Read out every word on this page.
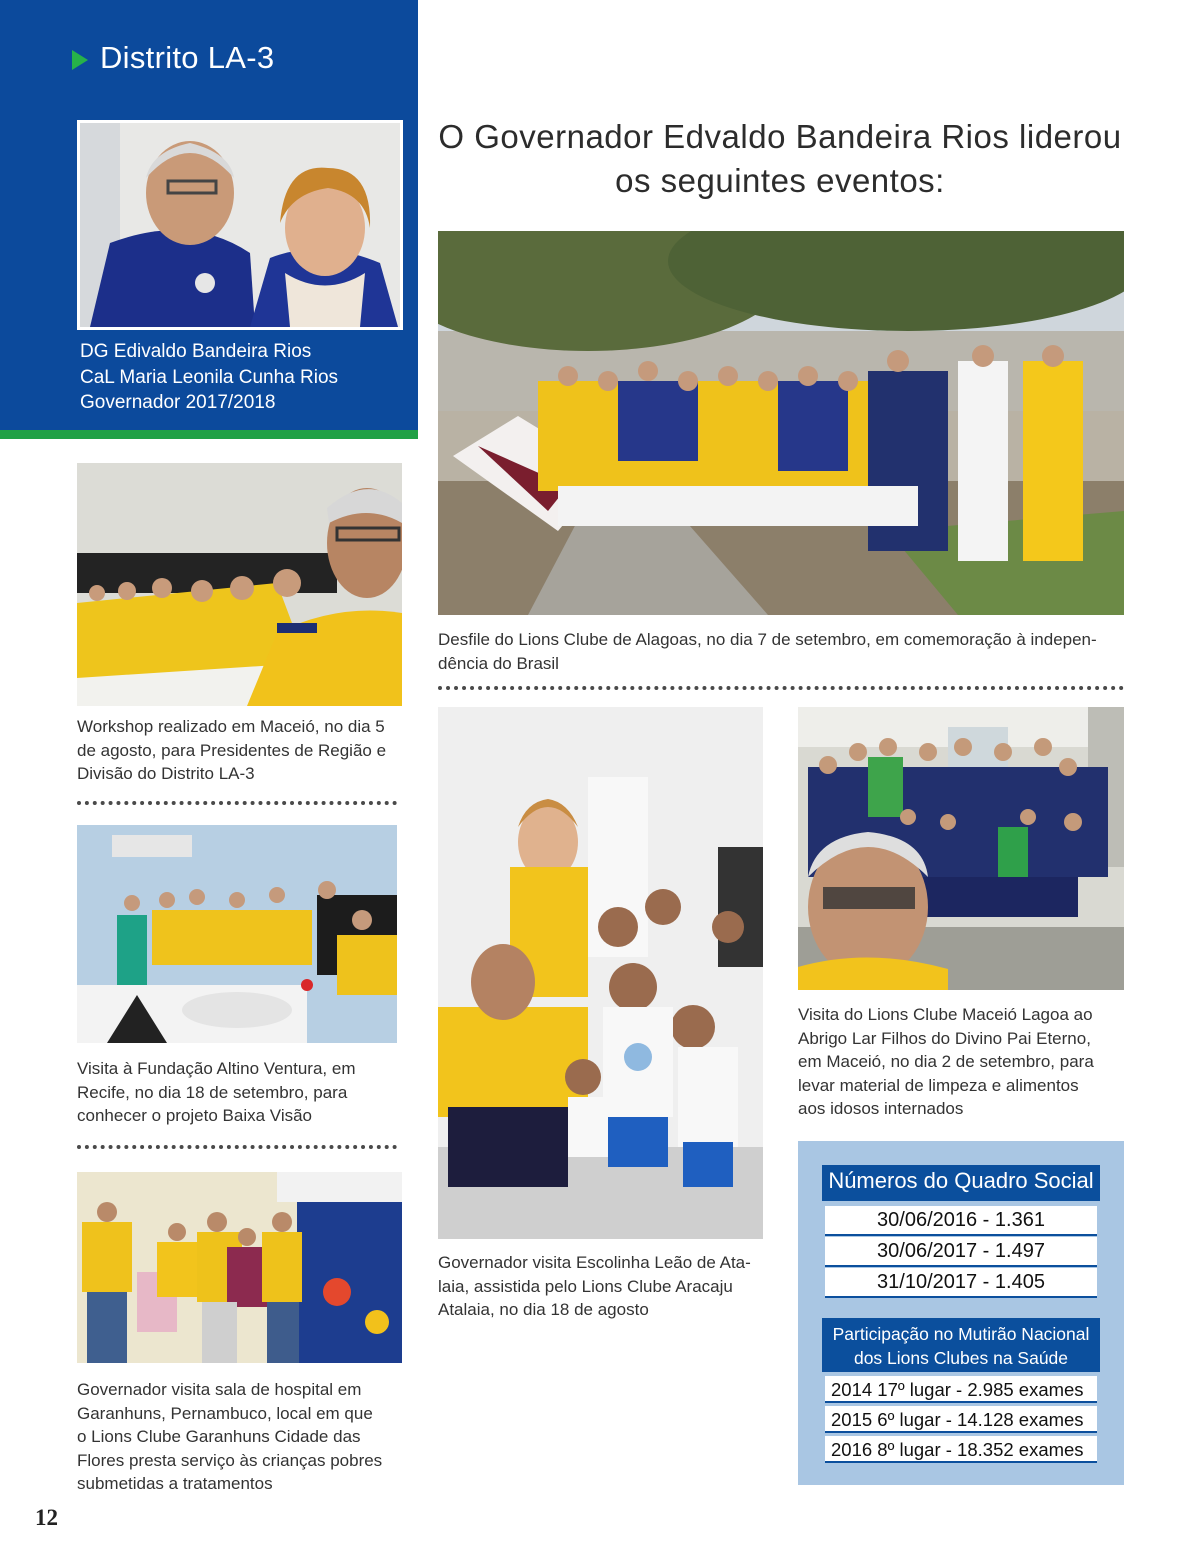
Distrito LA-3
DG Edivaldo Bandeira Rios
CaL Maria Leonila Cunha Rios
Governador 2017/2018
O Governador Edvaldo Bandeira Rios liderou
os seguintes eventos:
Desfile do Lions Clube de Alagoas, no dia 7 de setembro, em comemoração à indepen-
dência do Brasil
Workshop realizado em Maceió, no dia 5
de agosto, para Presidentes de Região e
Divisão do Distrito LA-3
Visita à Fundação Altino Ventura, em
Recife, no dia 18 de setembro, para
conhecer o projeto Baixa Visão
Governador visita sala de hospital em
Garanhuns, Pernambuco, local em que
o Lions Clube Garanhuns Cidade das
Flores presta serviço às crianças pobres
submetidas a tratamentos
Governador visita Escolinha Leão de Ata-
laia, assistida pelo Lions Clube Aracaju
Atalaia, no dia 18 de agosto
Visita do Lions Clube Maceió Lagoa ao
Abrigo Lar Filhos do Divino Pai Eterno,
em Maceió, no dia 2 de setembro, para
levar material de limpeza e alimentos
aos idosos internados
Números do Quadro Social
30/06/2016 - 1.361
30/06/2017 - 1.497
31/10/2017 - 1.405
Participação no Mutirão Nacional
dos Lions Clubes na Saúde
2014 17º lugar - 2.985 exames
2015 6º lugar - 14.128 exames
2016 8º lugar - 18.352 exames
12
